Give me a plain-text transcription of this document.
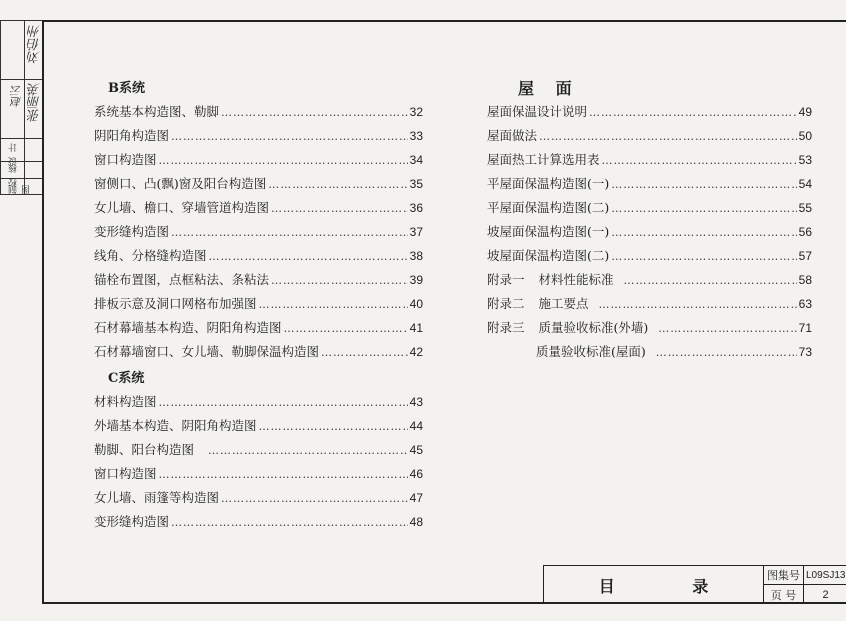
校 核
设 计
制 图
刘伯州
张丽英
赵云	B系统
系统基本构造图、勒脚 ……………………………………………………………………………………………………	32
阴阳角构造图 ……………………………………………………………………………………………………	33
窗口构造图 ……………………………………………………………………………………………………	34
窗侧口、凸(飘)窗及阳台构造图 ……………………………………………………………………………………………………	35
女儿墙、檐口、穿墙管道构造图 ……………………………………………………………………………………………………	36
变形缝构造图 ……………………………………………………………………………………………………	37
线角、分格缝构造图 ……………………………………………………………………………………………………	38
锚栓布置图，点框粘法、条粘法 ……………………………………………………………………………………………………	39
排板示意及洞口网格布加强图 ……………………………………………………………………………………………………	40
石材幕墙基本构造、阴阳角构造图 ……………………………………………………………………………………………………	41
石材幕墙窗口、女儿墙、勒脚保温构造图 ……………………………………………………………………………………………………	42
C系统
材料构造图 ……………………………………………………………………………………………………	43
外墙基本构造、阴阳角构造图 ……………………………………………………………………………………………………	44
勒脚、阳台构造图 ……………………………………………………………………………………………………	45
窗口构造图 ……………………………………………………………………………………………………	46
女儿墙、雨篷等构造图 ……………………………………………………………………………………………………	47
变形缝构造图 ……………………………………………………………………………………………………	48
屋 面
屋面保温设计说明 ……………………………………………………………………………………………………	49
屋面做法 ……………………………………………………………………………………………………	50
屋面热工计算选用表 ……………………………………………………………………………………………………	53
平屋面保温构造图(一) ……………………………………………………………………………………………………	54
平屋面保温构造图(二) ……………………………………………………………………………………………………	55
坡屋面保温构造图(一) ……………………………………………………………………………………………………	56
坡屋面保温构造图(二) ……………………………………………………………………………………………………	57
附录一 材料性能标准 ……………………………………………………………………………………………………	58
附录二 施工要点 ……………………………………………………………………………………………………	63
附录三 质量验收标准(外墙) ……………………………………………………………………………………………………	71
质量验收标准(屋面) ……………………………………………………………………………………………………	73
目 录
图集号 L09SJ13
页 号	2
